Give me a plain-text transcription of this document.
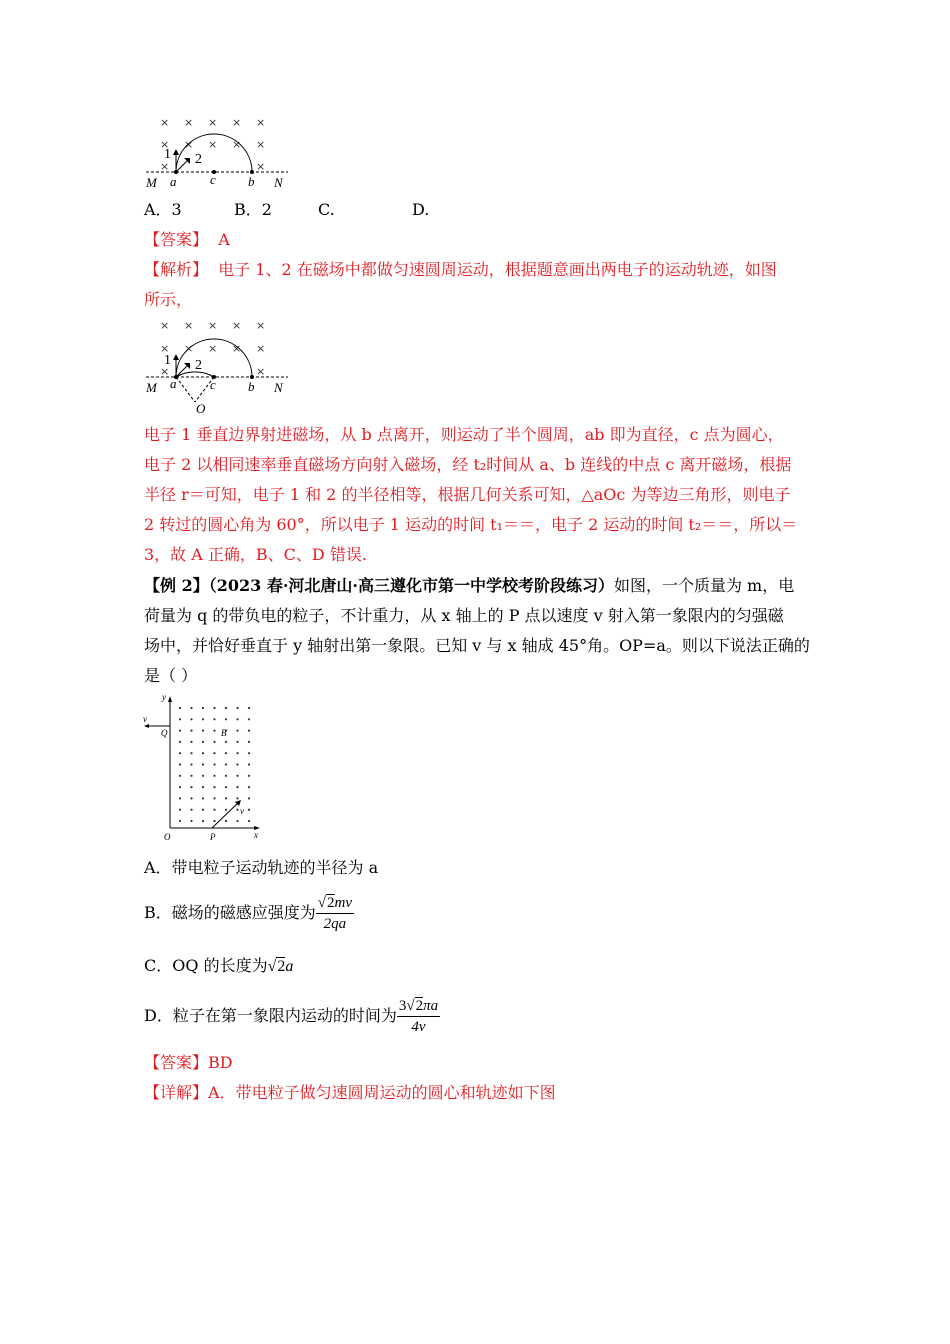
× × × × ×
× × × × ×
×	×
M a	c b N
1 2
A．3	B．2	C.	D.
【答案】 A
【解析】 电子 1、2 在磁场中都做匀速圆周运动，根据题意画出两电子的运动轨迹，如图
所示，
× × × × ×
× × × × ×
×	×
M a	c b N
O
1 2
电子 1 垂直边界射进磁场，从 b 点离开，则运动了半个圆周，ab 即为直径，c 点为圆心，
电子 2 以相同速率垂直磁场方向射入磁场，经 t₂时间从 a、b 连线的中点 c 离开磁场，根据
半径 r＝可知，电子 1 和 2 的半径相等，根据几何关系可知，△aOc 为等边三角形，则电子
2 转过的圆心角为 60°，所以电子 1 运动的时间 t₁＝＝，电子 2 运动的时间 t₂＝＝，所以＝
3，故 A 正确，B、C、D 错误.
【例 2】（2023 春·河北唐山·高三遵化市第一中学校考阶段练习）如图，一个质量为 m，电
荷量为 q 的带负电的粒子，不计重力，从 x 轴上的 P 点以速度 v 射入第一象限内的匀强磁
场中，并恰好垂直于 y 轴射出第一象限。已知 v 与 x 轴成 45°角。OP=a。则以下说法正确的
是（ ）
y
v
Q	B
O	P	x
v
A．带电粒子运动轨迹的半径为 a
B．磁场的磁感应强度为 $\frac{√2mv}{2qa}$
C．OQ 的长度为√2a
D．粒子在第一象限内运动的时间为 $\frac{3√2\pi a}{4v}$
【答案】BD
【详解】A．带电粒子做匀速圆周运动的圆心和轨迹如下图
